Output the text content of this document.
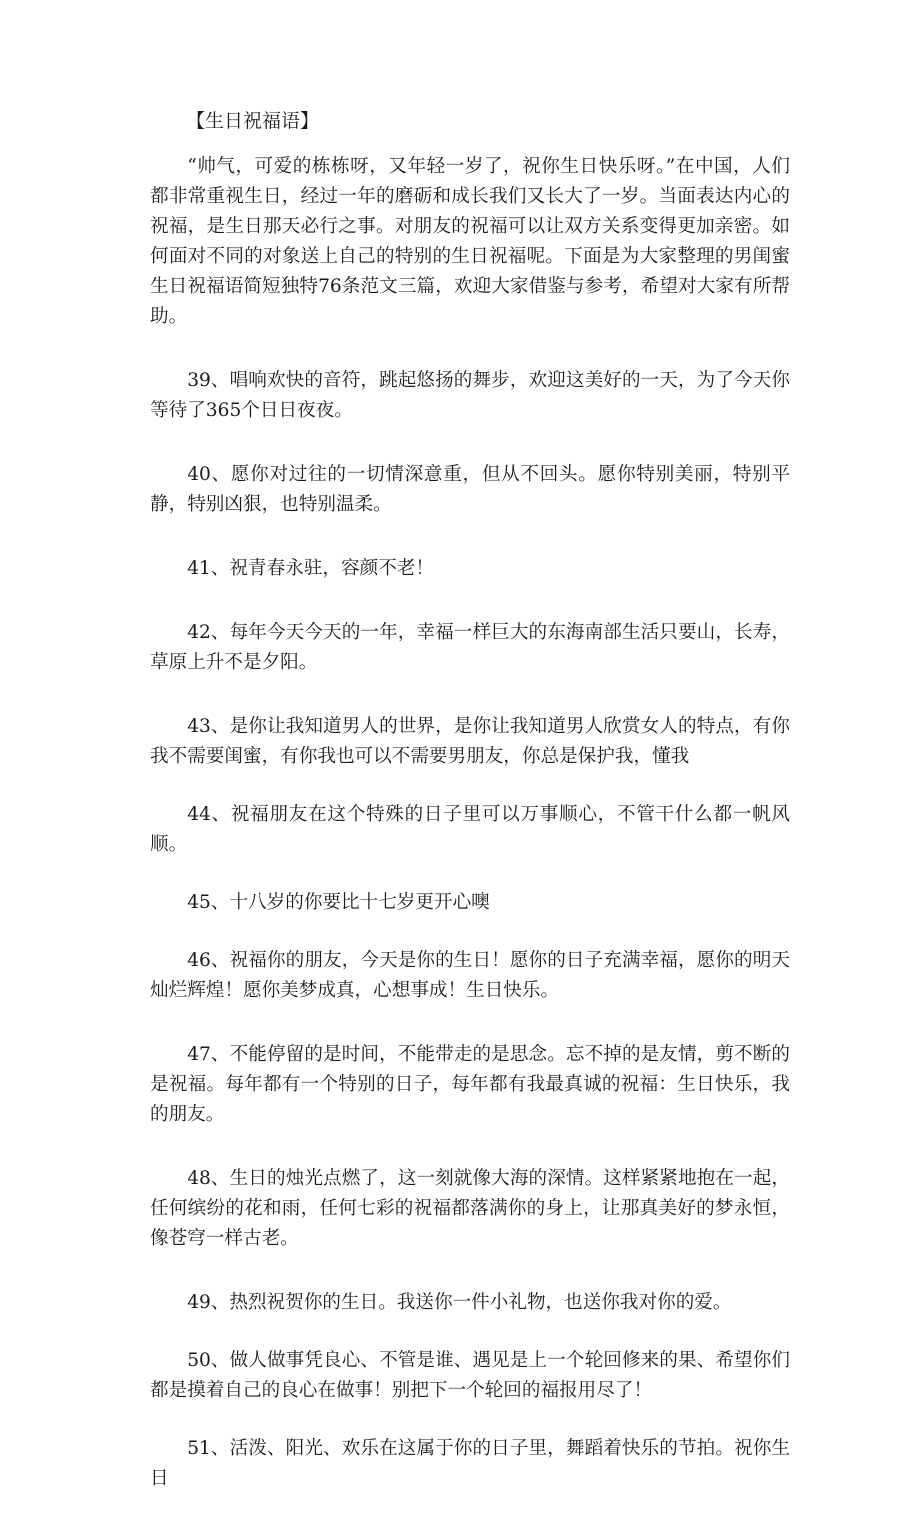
【生日祝福语】

“帅气，可爱的栋栋呀，又年轻一岁了，祝你生日快乐呀。”在中国，人们都非常重视生日，经过一年的磨砺和成长我们又长大了一岁。当面表达内心的祝福，是生日那天必行之事。对朋友的祝福可以让双方关系变得更加亲密。如何面对不同的对象送上自己的特别的生日祝福呢。下面是为大家整理的男闺蜜生日祝福语简短独特76条范文三篇，欢迎大家借鉴与参考，希望对大家有所帮助。

39、唱响欢快的音符，跳起悠扬的舞步，欢迎这美好的一天，为了今天你等待了365个日日夜夜。

40、愿你对过往的一切情深意重，但从不回头。愿你特别美丽，特别平静，特别凶狠，也特别温柔。

41、祝青春永驻，容颜不老！

42、每年今天今天的一年，幸福一样巨大的东海南部生活只要山，长寿，草原上升不是夕阳。

43、是你让我知道男人的世界，是你让我知道男人欣赏女人的特点，有你我不需要闺蜜，有你我也可以不需要男朋友，你总是保护我，懂我

44、祝福朋友在这个特殊的日子里可以万事顺心，不管干什么都一帆风顺。

45、十八岁的你要比十七岁更开心噢

46、祝福你的朋友，今天是你的生日！愿你的日子充满幸福，愿你的明天灿烂辉煌！愿你美梦成真，心想事成！生日快乐。

47、不能停留的是时间，不能带走的是思念。忘不掉的是友情，剪不断的是祝福。每年都有一个特别的日子，每年都有我最真诚的祝福：生日快乐，我的朋友。

48、生日的烛光点燃了，这一刻就像大海的深情。这样紧紧地抱在一起，任何缤纷的花和雨，任何七彩的祝福都落满你的身上，让那真美好的梦永恒，像苍穹一样古老。

49、热烈祝贺你的生日。我送你一件小礼物，也送你我对你的爱。

50、做人做事凭良心、不管是谁、遇见是上一个轮回修来的果、希望你们都是摸着自己的良心在做事！别把下一个轮回的福报用尽了！

51、活泼、阳光、欢乐在这属于你的日子里，舞蹈着快乐的节拍。祝你生日
